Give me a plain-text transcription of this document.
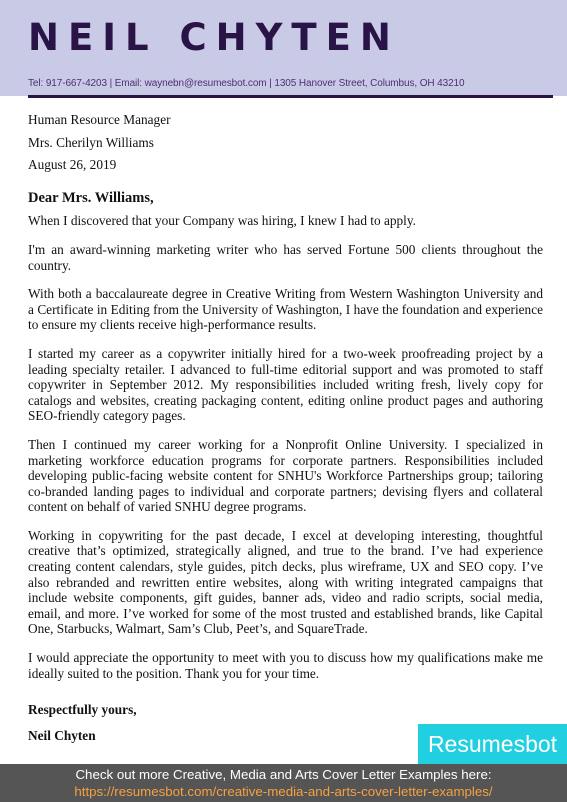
NEIL CHYTEN
Tel: 917-667-4203 | Email: waynebn@resumesbot.com | 1305 Hanover Street, Columbus, OH 43210

Human Resource Manager

Mrs. Cherilyn Williams

August 26, 2019

Dear Mrs. Williams,

When I discovered that your Company was hiring, I knew I had to apply.

I'm an award-winning marketing writer who has served Fortune 500 clients throughout the country.

With both a baccalaureate degree in Creative Writing from Western Washington University and a Certificate in Editing from the University of Washington, I have the foundation and experience to ensure my clients receive high-performance results.

I started my career as a copywriter initially hired for a two-week proofreading project by a leading specialty retailer. I advanced to full-time editorial support and was promoted to staff copywriter in September 2012. My responsibilities included writing fresh, lively copy for catalogs and websites, creating packaging content, editing online product pages and authoring SEO-friendly category pages.

Then I continued my career working for a Nonprofit Online University. I specialized in marketing workforce education programs for corporate partners. Responsibilities included developing public-facing website content for SNHU's Workforce Partnerships group; tailoring co-branded landing pages to individual and corporate partners; devising flyers and collateral content on behalf of varied SNHU degree programs.

Working in copywriting for the past decade, I excel at developing interesting, thoughtful creative that’s optimized, strategically aligned, and true to the brand. I’ve had experience creating content calendars, style guides, pitch decks, plus wireframe, UX and SEO copy. I’ve also rebranded and rewritten entire websites, along with writing integrated campaigns that include website components, gift guides, banner ads, video and radio scripts, social media, email, and more. I’ve worked for some of the most trusted and established brands, like Capital One, Starbucks, Walmart, Sam’s Club, Peet’s, and SquareTrade.

I would appreciate the opportunity to meet with you to discuss how my qualifications make me ideally suited to the position. Thank you for your time.

Respectfully yours,

Neil Chyten	Resumesbot
Check out more Creative, Media and Arts Cover Letter Examples here:
https://resumesbot.com/creative-media-and-arts-cover-letter-examples/
